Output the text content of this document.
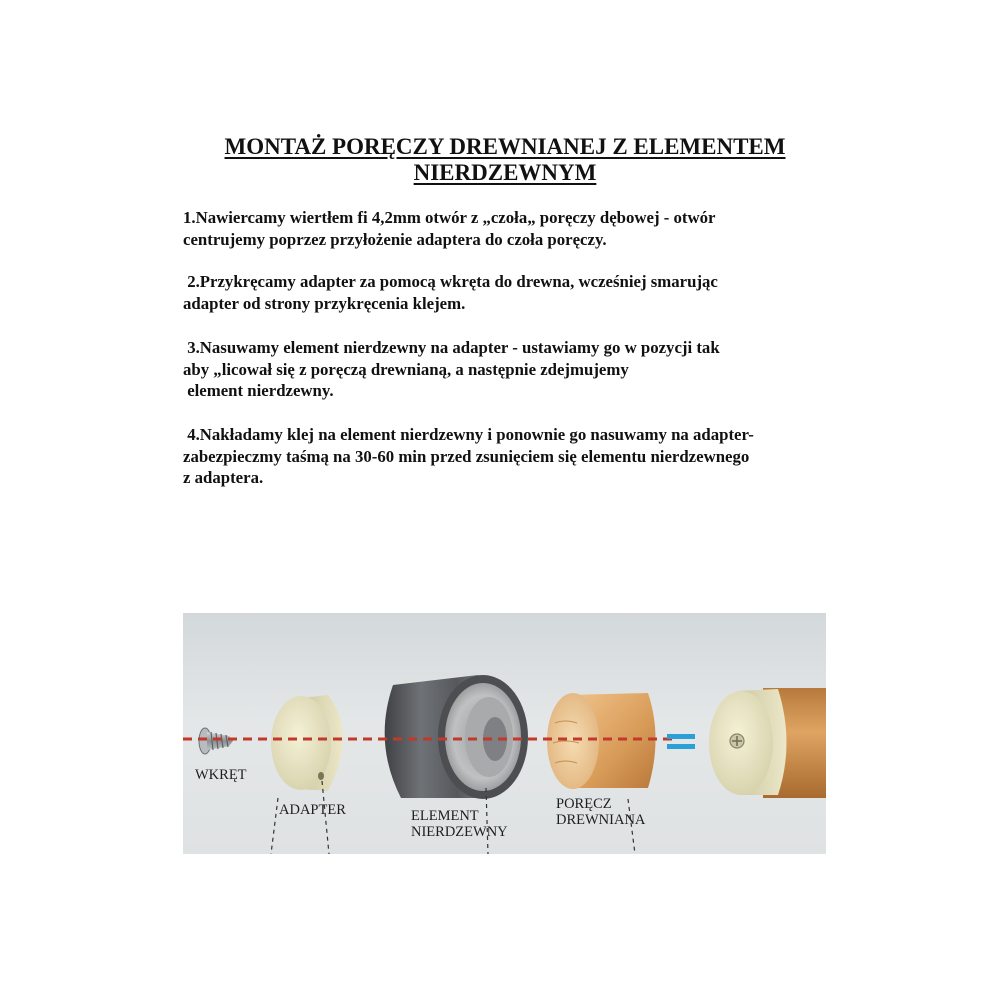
MONTAŻ PORĘCZY DREWNIANEJ Z ELEMENTEM
NIERDZEWNYM
1.Nawiercamy wiertłem fi 4,2mm otwór z „czoła„ poręczy dębowej - otwór
centrujemy poprzez przyłożenie adaptera do czoła poręczy.
2.Przykręcamy adapter za pomocą wkręta do drewna, wcześniej smarując
adapter od strony przykręcenia klejem.
3.Nasuwamy element nierdzewny na adapter - ustawiamy go w pozycji tak
aby „licował się z poręczą drewnianą, a następnie zdejmujemy
element nierdzewny.
4.Nakładamy klej na element nierdzewny i ponownie go nasuwamy na adapter-
zabezpieczmy taśmą na 30-60 min przed zsunięciem się elementu nierdzewnego
z adaptera.
WKRĘT
ADAPTER	ELEMENT
NIERDZEWNY
PORĘCZ
DREWNIANA
